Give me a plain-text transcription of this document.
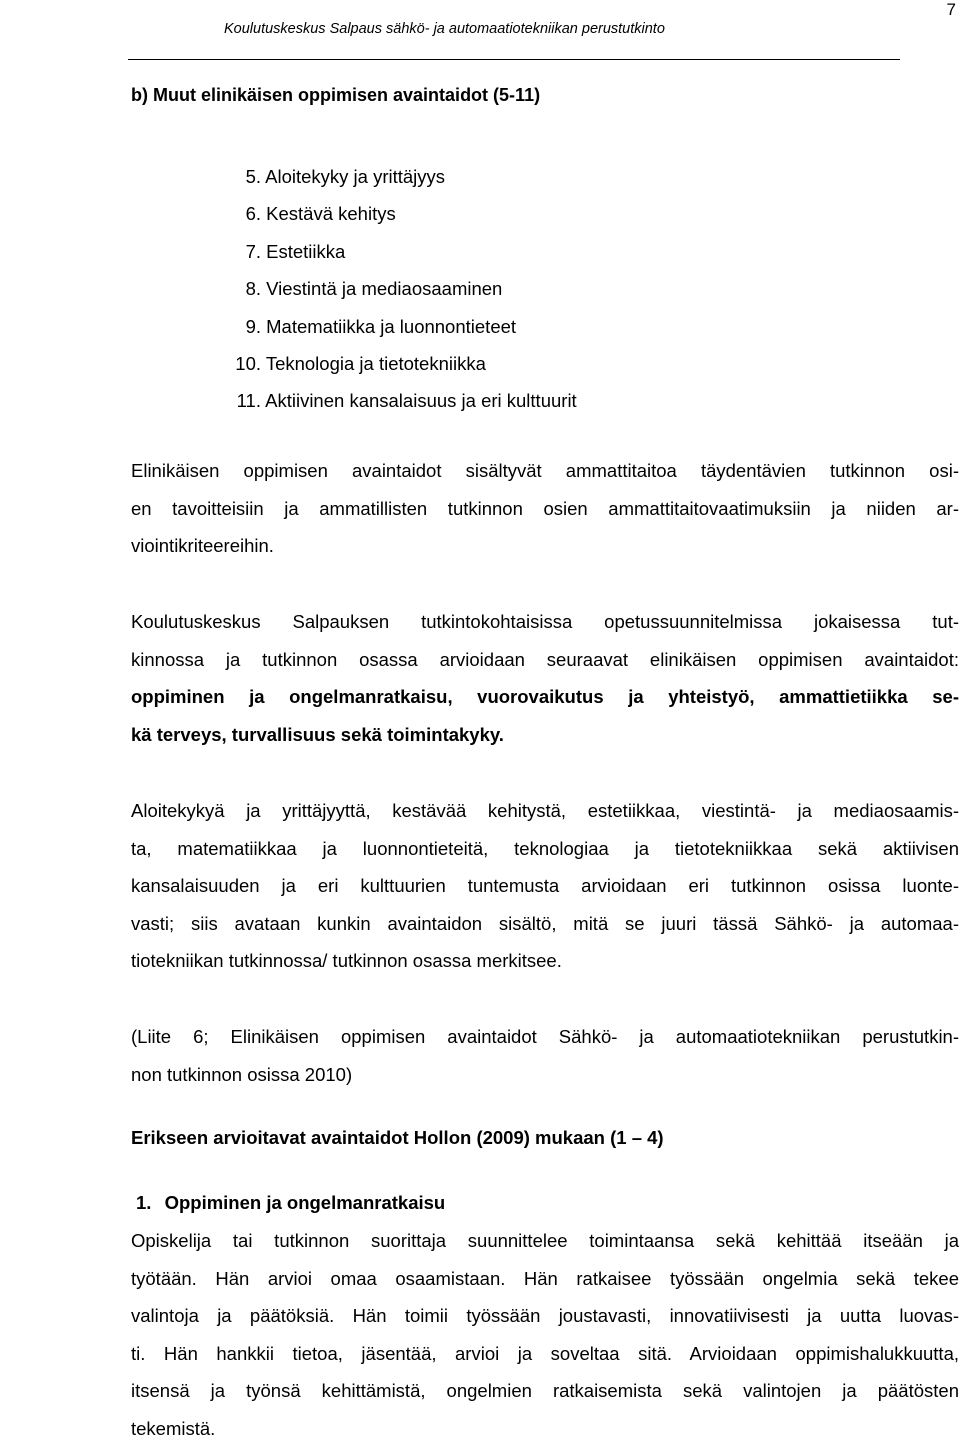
Koulutuskeskus Salpaus sähkö- ja automaatiotekniikan perustutkinto
7
b) Muut elinikäisen oppimisen avaintaidot (5-11)
5. Aloitekyky ja yrittäjyys
6. Kestävä kehitys
7. Estetiikka
8. Viestintä ja mediaosaaminen
9. Matematiikka ja luonnontieteet
10. Teknologia ja tietotekniikka
11. Aktiivinen kansalaisuus ja eri kulttuurit
Elinikäisen oppimisen avaintaidot sisältyvät ammattitaitoa täydentävien tutkinnon osi-
en tavoitteisiin ja ammatillisten tutkinnon osien ammattitaitovaatimuksiin ja niiden ar-
viointikriteereihin.
Koulutuskeskus Salpauksen tutkintokohtaisissa opetussuunnitelmissa jokaisessa tut-
kinnossa ja tutkinnon osassa arvioidaan seuraavat elinikäisen oppimisen avaintaidot:
oppiminen ja ongelmanratkaisu, vuorovaikutus ja yhteistyö, ammattietiikka se-
kä terveys, turvallisuus sekä toimintakyky.
Aloitekykyä ja yrittäjyyttä, kestävää kehitystä, estetiikkaa, viestintä- ja mediaosaamis-
ta, matematiikkaa ja luonnontieteitä, teknologiaa ja tietotekniikkaa sekä aktiivisen
kansalaisuuden ja eri kulttuurien tuntemusta arvioidaan eri tutkinnon osissa luonte-
vasti; siis avataan kunkin avaintaidon sisältö, mitä se juuri tässä Sähkö- ja automaa-
tiotekniikan tutkinnossa/ tutkinnon osassa merkitsee.
(Liite 6; Elinikäisen oppimisen avaintaidot Sähkö- ja automaatiotekniikan perustutkin-
non tutkinnon osissa 2010)
Erikseen arvioitavat avaintaidot Hollon (2009) mukaan (1 – 4)
1. Oppiminen ja ongelmanratkaisu
Opiskelija tai tutkinnon suorittaja suunnittelee toimintaansa sekä kehittää itseään ja
työtään. Hän arvioi omaa osaamistaan. Hän ratkaisee työssään ongelmia sekä tekee
valintoja ja päätöksiä. Hän toimii työssään joustavasti, innovatiivisesti ja uutta luovas-
ti. Hän hankkii tietoa, jäsentää, arvioi ja soveltaa sitä. Arvioidaan oppimishalukkuutta,
itsensä ja työnsä kehittämistä, ongelmien ratkaisemista sekä valintojen ja päätösten
tekemistä.
